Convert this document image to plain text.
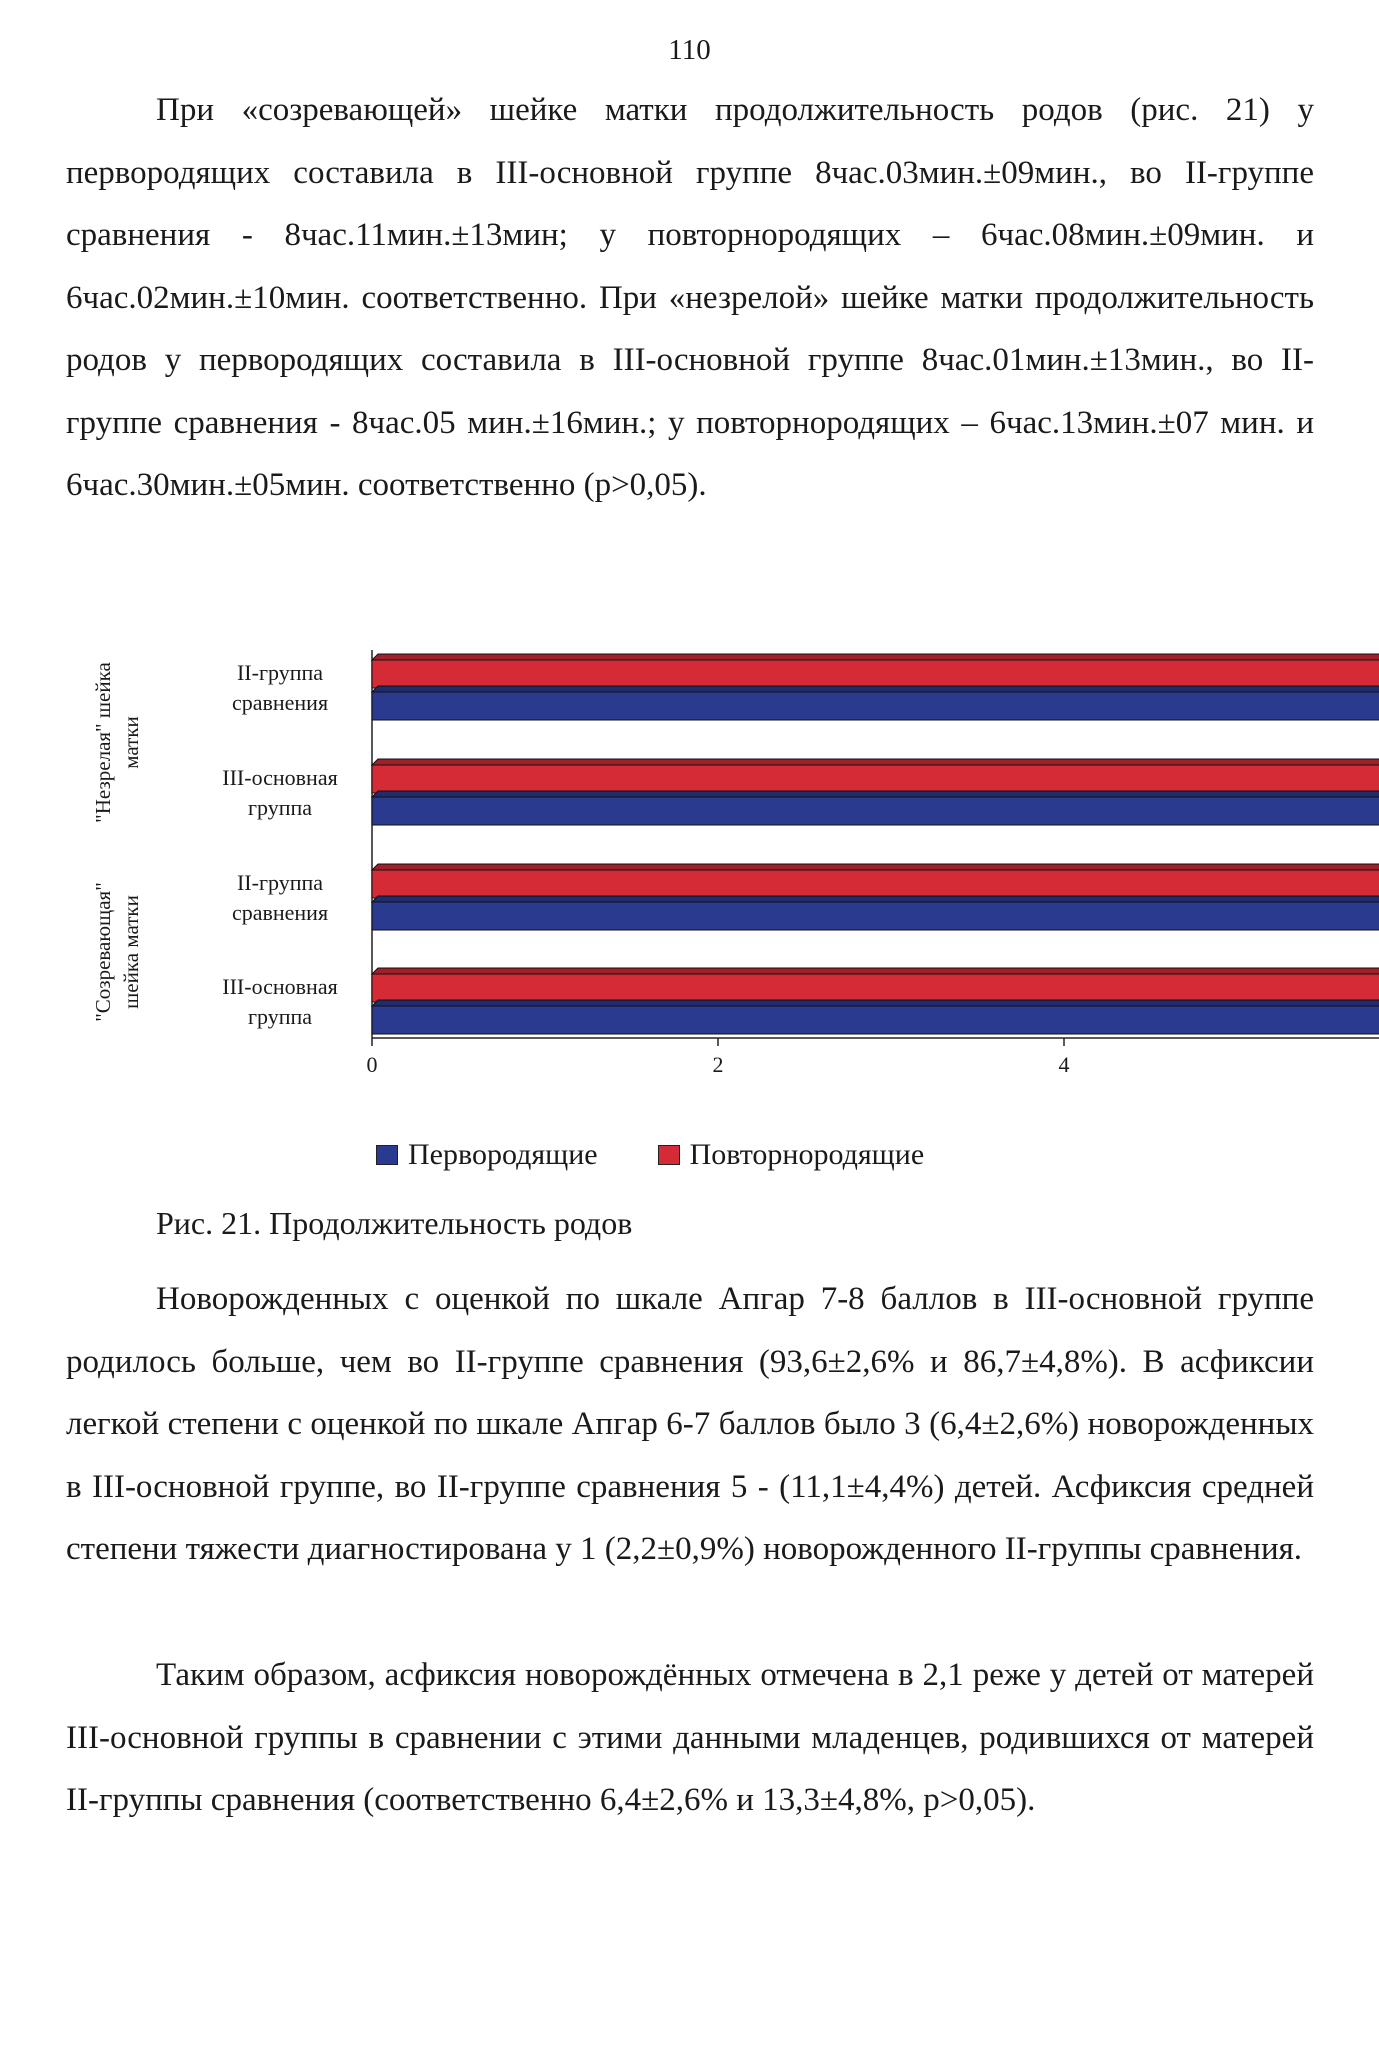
110

При «созревающей» шейке матки продолжительность родов (рис. 21) у первородящих составила в III-основной группе 8час.03мин.±09мин., во II-группе сравнения - 8час.11мин.±13мин; у повторнородящих – 6час.08мин.±09мин. и 6час.02мин.±10мин. соответственно. При «незрелой» шейке матки продолжительность родов у первородящих составила в III-основной группе 8час.01мин.±13мин., во II-группе сравнения - 8час.05 мин.±16мин.; у повторнородящих – 6час.13мин.±07 мин. и 6час.30мин.±05мин. соответственно (р>0,05).

0	2	4
II-группа сравнения
III-основная группа
II-группа сравнения
III-основная группа
"Незрелая" шейка матки
"Созревающая" шейка матки
Первородящие	Повторнородящие

Рис. 21. Продолжительность родов

Новорожденных с оценкой по шкале Апгар 7-8 баллов в III-основной группе родилось больше, чем во II-группе сравнения (93,6±2,6% и 86,7±4,8%). В асфиксии легкой степени с оценкой по шкале Апгар 6-7 баллов было 3 (6,4±2,6%) новорожденных в III-основной группе, во II-группе сравнения 5 - (11,1±4,4%) детей. Асфиксия средней степени тяжести диагностирована у 1 (2,2±0,9%) новорожденного II-группы сравнения.

Таким образом, асфиксия новорождённых отмечена в 2,1 реже у детей от матерей III-основной группы в сравнении с этими данными младенцев, родившихся от матерей II-группы сравнения (соответственно 6,4±2,6% и 13,3±4,8%, р>0,05).
